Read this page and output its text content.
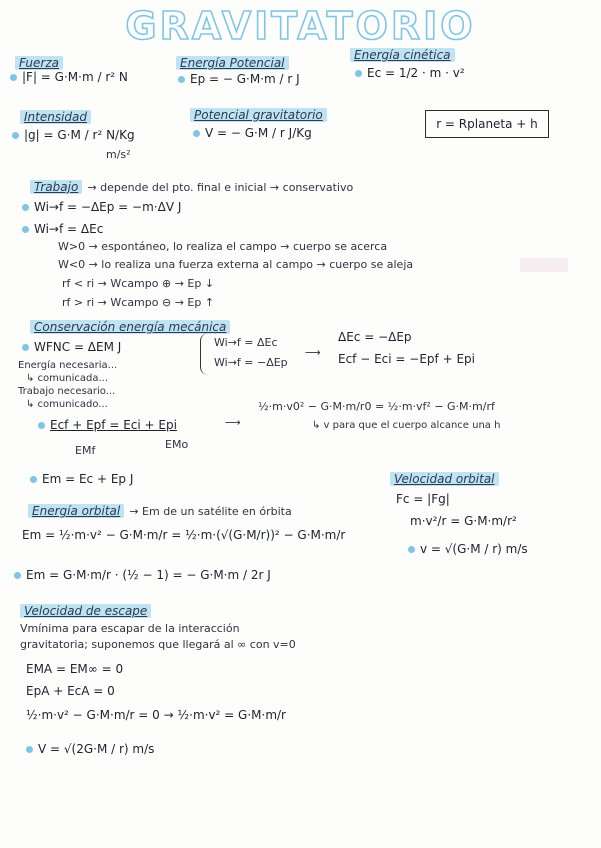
GRAVITATORIO
Fuerza
|F| = G·M·m / r² N
Energía Potencial
Ep = − G·M·m / r J
Energía cinética
Ec = 1/2 · m · v²
Intensidad
|g| = G·M / r² N/Kg
m/s²
Potencial gravitatorio
V = − G·M / r J/Kg
r = Rplaneta + h
Trabajo → depende del pto. final e inicial → conservativo
Wi→f = −ΔEp = −m·ΔV J
Wi→f = ΔEc
W>0 → espontáneo, lo realiza el campo → cuerpo se acerca
W<0 → lo realiza una fuerza externa al campo → cuerpo se aleja
rf < ri → Wcampo ⊕ → Ep ↓
rf > ri → Wcampo ⊖ → Ep ↑
Conservación energía mecánica
WFNC = ΔEM J
Energía necesaria...
↳ comunicada...
Trabajo necesario...
↳ comunicado...
Wi→f = ΔEc
Wi→f = −ΔEp
⟶
ΔEc = −ΔEp
Ecf − Eci = −Epf + Epi
Ecf + Epf = Eci + Epi
EMf	EMo
⟶
½·m·v0² − G·M·m/r0 = ½·m·vf² − G·M·m/rf
↳ v para que el cuerpo alcance una h
Em = Ec + Ep J
Energía orbital → Em de un satélite en órbita
Em = ½·m·v² − G·M·m/r = ½·m·(√(G·M/r))² − G·M·m/r
Em = G·M·m/r · (½ − 1) = − G·M·m / 2r J
Velocidad orbital
Fc = |Fg|
m·v²/r = G·M·m/r²
v = √(G·M / r) m/s
Velocidad de escape
Vmínima para escapar de la interacción
gravitatoria; suponemos que llegará al ∞ con v=0
EMA = EM∞ = 0
EpA + EcA = 0
½·m·v² − G·M·m/r = 0 → ½·m·v² = G·M·m/r
V = √(2G·M / r) m/s
